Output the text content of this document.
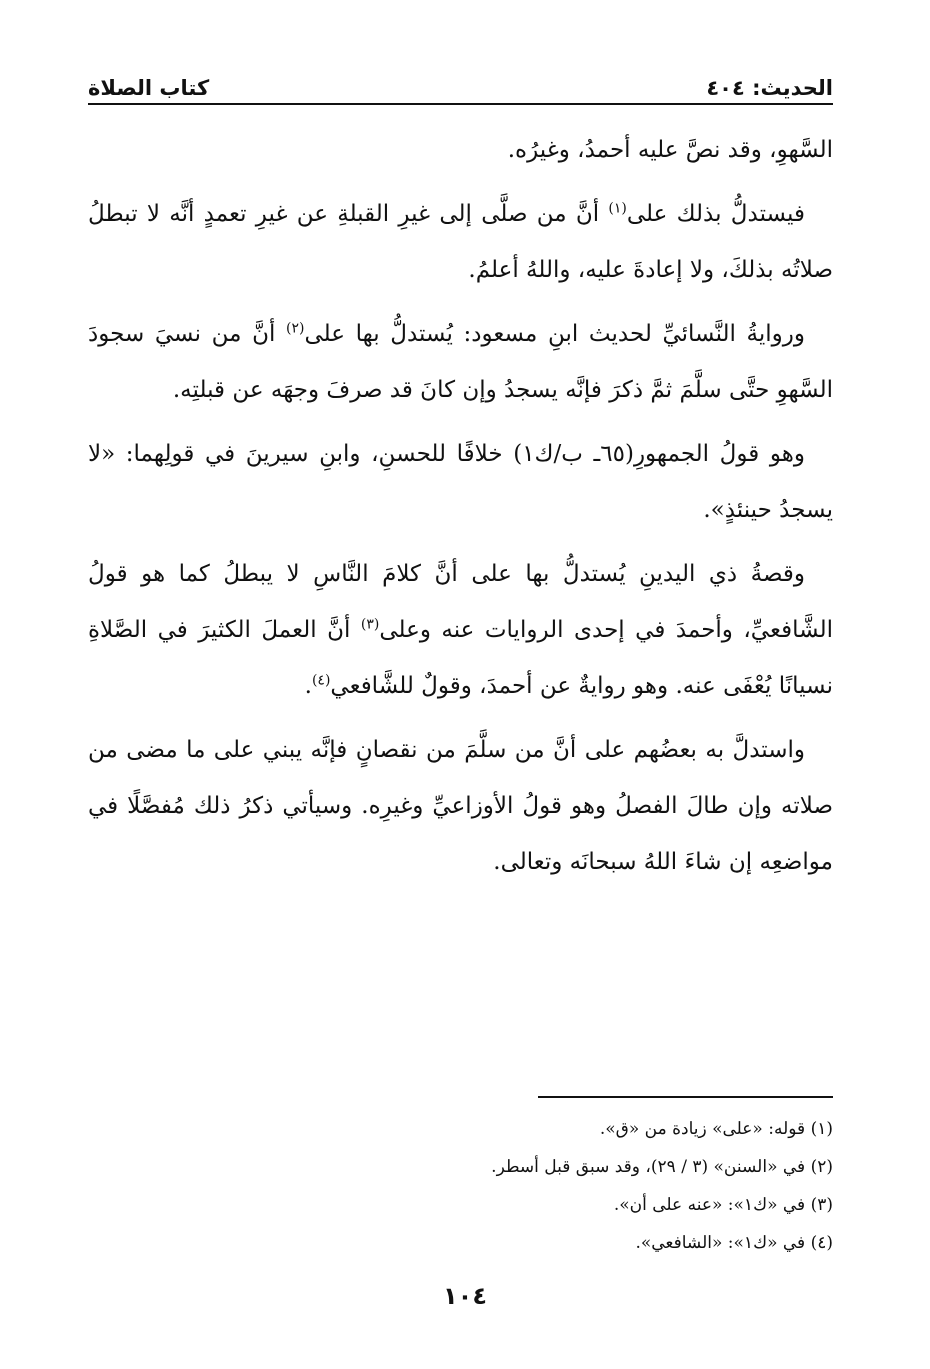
الحديث: ٤٠٤
كتاب الصلاة

السَّهوِ، وقد نصَّ عليه أحمدُ، وغيرُه.

فيستدلُّ بذلك على$^{(١)}$ أنَّ من صلَّى إلى غيرِ القبلةِ عن غيرِ تعمدٍ أنَّه لا تبطلُ صلاتُه بذلكَ، ولا إعادةَ عليه، واللهُ أعلمُ.

وروايةُ النَّسائيِّ لحديث ابنِ مسعود: يُستدلُّ بها على$^{(٢)}$ أنَّ من نسيَ سجودَ السَّهوِ حتَّى سلَّمَ ثمَّ ذكرَ فإنَّه يسجدُ وإن كانَ قد صرفَ وجهَه عن قبلتِه.

وهو قولُ الجمهورِ(٦٥ـ ب/ك١) خلافًا للحسنِ، وابنِ سيرينَ في قولِهما: «لا يسجدُ حينئذٍ».

وقصةُ ذي اليدينِ يُستدلُّ بها على أنَّ كلامَ النَّاسِ لا يبطلُ كما هو قولُ الشَّافعيِّ، وأحمدَ في إحدى الروايات عنه وعلى$^{(٣)}$ أنَّ العملَ الكثيرَ في الصَّلاةِ نسيانًا يُعْفَى عنه. وهو روايةٌ عن أحمدَ، وقولٌ للشَّافعي$^{(٤)}$.

واستدلَّ به بعضُهم على أنَّ من سلَّمَ من نقصانٍ فإنَّه يبني على ما مضى من صلاته وإن طالَ الفصلُ وهو قولُ الأوزاعيِّ وغيرِه. وسيأتي ذكرُ ذلك مُفصَّلًا في مواضعِه إن شاءَ اللهُ سبحانَه وتعالى.

(١) قوله: «على» زيادة من «ق».
(٢) في «السنن» (٣ / ٢٩)، وقد سبق قبل أسطر.
(٣) في «ك١»: «عنه على أن».
(٤) في «ك١»: «الشافعي».
١٠٤
